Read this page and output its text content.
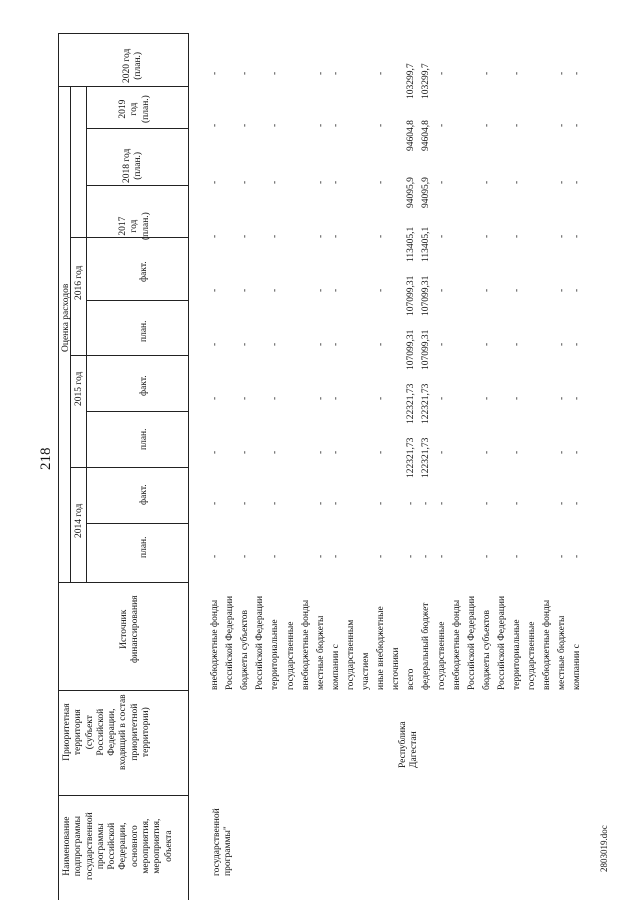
218
2803019.doc
Наименование
подпрограммы
государственной
программы
Российской
Федерации,
основного
мероприятия,
мероприятия,
объекта
Приоритетная
территория
(субъект
Российской
Федерации,
входящий в состав
приоритетной
территории)
Источник
финансирования
Оценка расходов
2014 год
2015 год
2016 год
план.
факт.
план.
факт.
план.
факт.
2017
год
(план.)
2018 год
(план.)
2019
год
(план.)
2020 год
(план.)
государственной
программы"
Республика
Дагестан
внебюджетные фонды
-
-
-
-
-
-
-
-
-
-
Российской Федерации бюджеты субъектов
-
-
-
-
-
-
-
-
-
-
Российской Федерации территориальные
-
-
-
-
-
-
-
-
-
-
государственные внебюджетные фонды местные бюджеты
-
-
-
-
-
-
-
-
-
-
компании с
-
-
-
-
-
-
-
-
-
-
государственным участием иные внебюджетные
-
-
-
-
-
-
-
-
-
-
источники всего
-
-
122321,73
122321,73
107099,31
107099,31
113405,1
94095,9
94604,8
103299,7
федеральный бюджет
-
-
122321,73
122321,73
107099,31
107099,31
113405,1
94095,9
94604,8
103299,7
государственные
-
-
-
-
-
-
-
-
-
-
внебюджетные фонды Российской Федерации бюджеты субъектов
-
-
-
-
-
-
-
-
-
-
Российской Федерации территориальные
-
-
-
-
-
-
-
-
-
-
государственные внебюджетные фонды местные бюджеты
-
-
-
-
-
-
-
-
-
-
компании с
-
-
-
-
-
-
-
-
-
-
